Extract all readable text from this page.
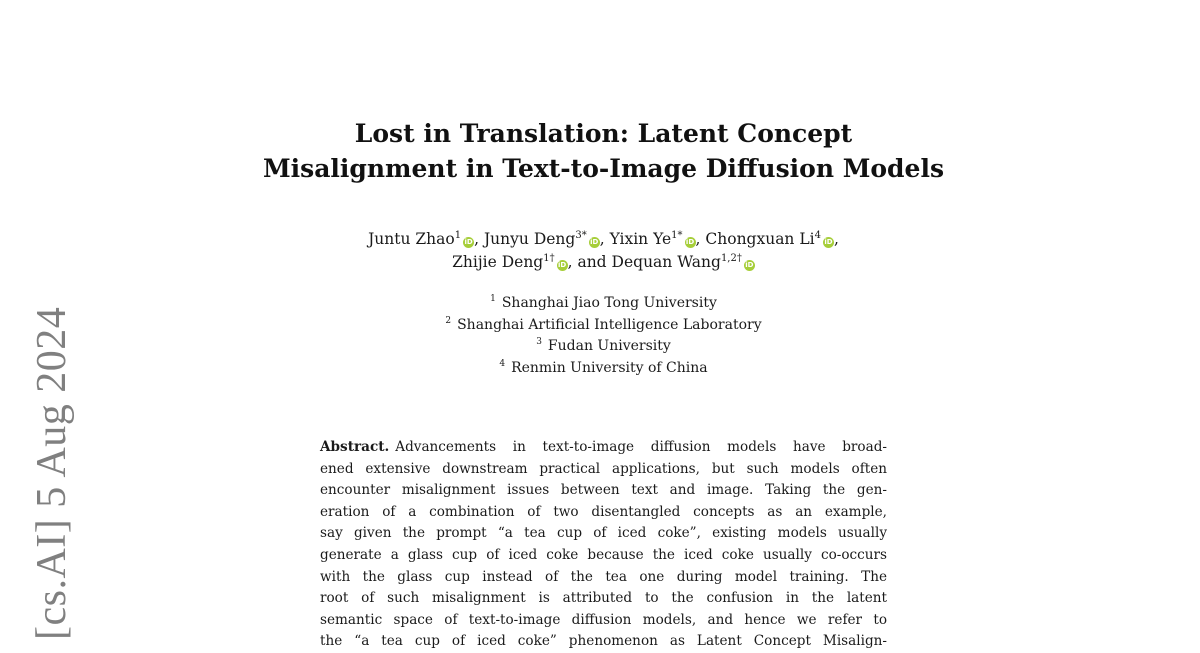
[cs.AI] 5 Aug 2024
Lost in Translation: Latent Concept
Misalignment in Text-to-Image Diffusion Models
Juntu Zhao$^1$iD, Junyu Deng$^{3*}$iD, Yixin $Ye^{1*}iD$, Chongxuan Li$^4$iD,
Zhijie Deng$^{1\dagger}$iD, and Dequan Wang$^{1,2\dagger}$iD
$^1$ Shanghai Jiao Tong University
$^2$ Shanghai Artificial Intelligence Laboratory
$^3$ Fudan University
$^4$ Renmin University of China
Abstract. Advancements in text-to-image diffusion models have broad-
ened extensive downstream practical applications, but such models often
encounter misalignment issues between text and image. Taking the gen-
eration of a combination of two disentangled concepts as an example,
say given the prompt “a tea cup of iced coke”, existing models usually
generate a glass cup of iced coke because the iced coke usually co-occurs
with the glass cup instead of the tea one during model training. The
root of such misalignment is attributed to the confusion in the latent
semantic space of text-to-image diffusion models, and hence we refer to
the “a tea cup of iced coke” phenomenon as Latent Concept Misalign-
